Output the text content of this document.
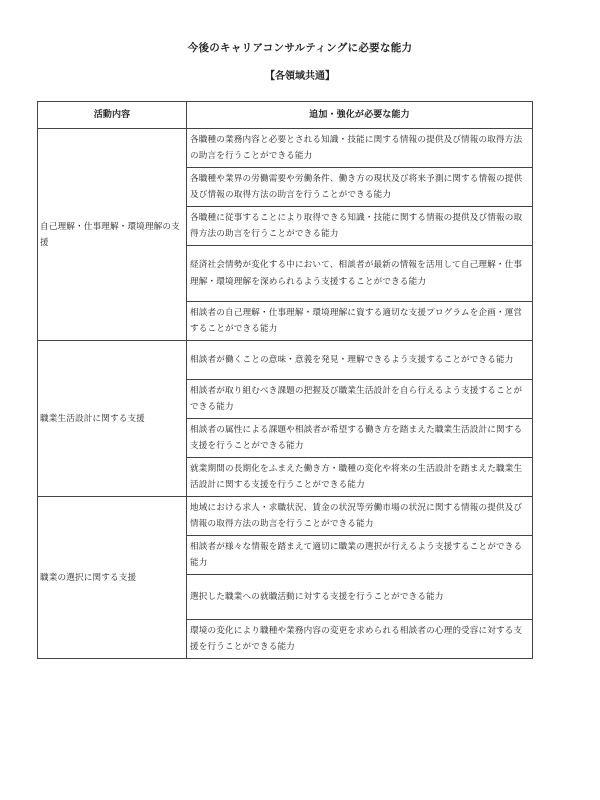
今後のキャリアコンサルティングに必要な能力
【各領域共通】
活動内容	追加・強化が必要な能力
自己理解・仕事理解・環境理解の支援	各職種の業務内容と必要とされる知識・技能に関する情報の提供及び情報の取得方法の助言を行うことができる能力
	各職種や業界の労働需要や労働条件、働き方の現状及び将来予測に関する情報の提供及び情報の取得方法の助言を行うことができる能力
	各職種に従事することにより取得できる知識・技能に関する情報の提供及び情報の取得方法の助言を行うことができる能力
	経済社会情勢が変化する中において、相談者が最新の情報を活用して自己理解・仕事理解・環境理解を深められるよう支援することができる能力
	相談者の自己理解・仕事理解・環境理解に資する適切な支援プログラムを企画・運営することができる能力
職業生活設計に関する支援	相談者が働くことの意味・意義を発見・理解できるよう支援することができる能力
	相談者が取り組むべき課題の把握及び職業生活設計を自ら行えるよう支援することができる能力
	相談者の属性による課題や相談者が希望する働き方を踏まえた職業生活設計に関する支援を行うことができる能力
	就業期間の長期化をふまえた働き方・職種の変化や将来の生活設計を踏まえた職業生活設計に関する支援を行うことができる能力
職業の選択に関する支援	地域における求人・求職状況、賃金の状況等労働市場の状況に関する情報の提供及び情報の取得方法の助言を行うことができる能力
	相談者が様々な情報を踏まえて適切に職業の選択が行えるよう支援することができる能力
	選択した職業への就職活動に対する支援を行うことができる能力
	環境の変化により職種や業務内容の変更を求められる相談者の心理的受容に対する支援を行うことができる能力
